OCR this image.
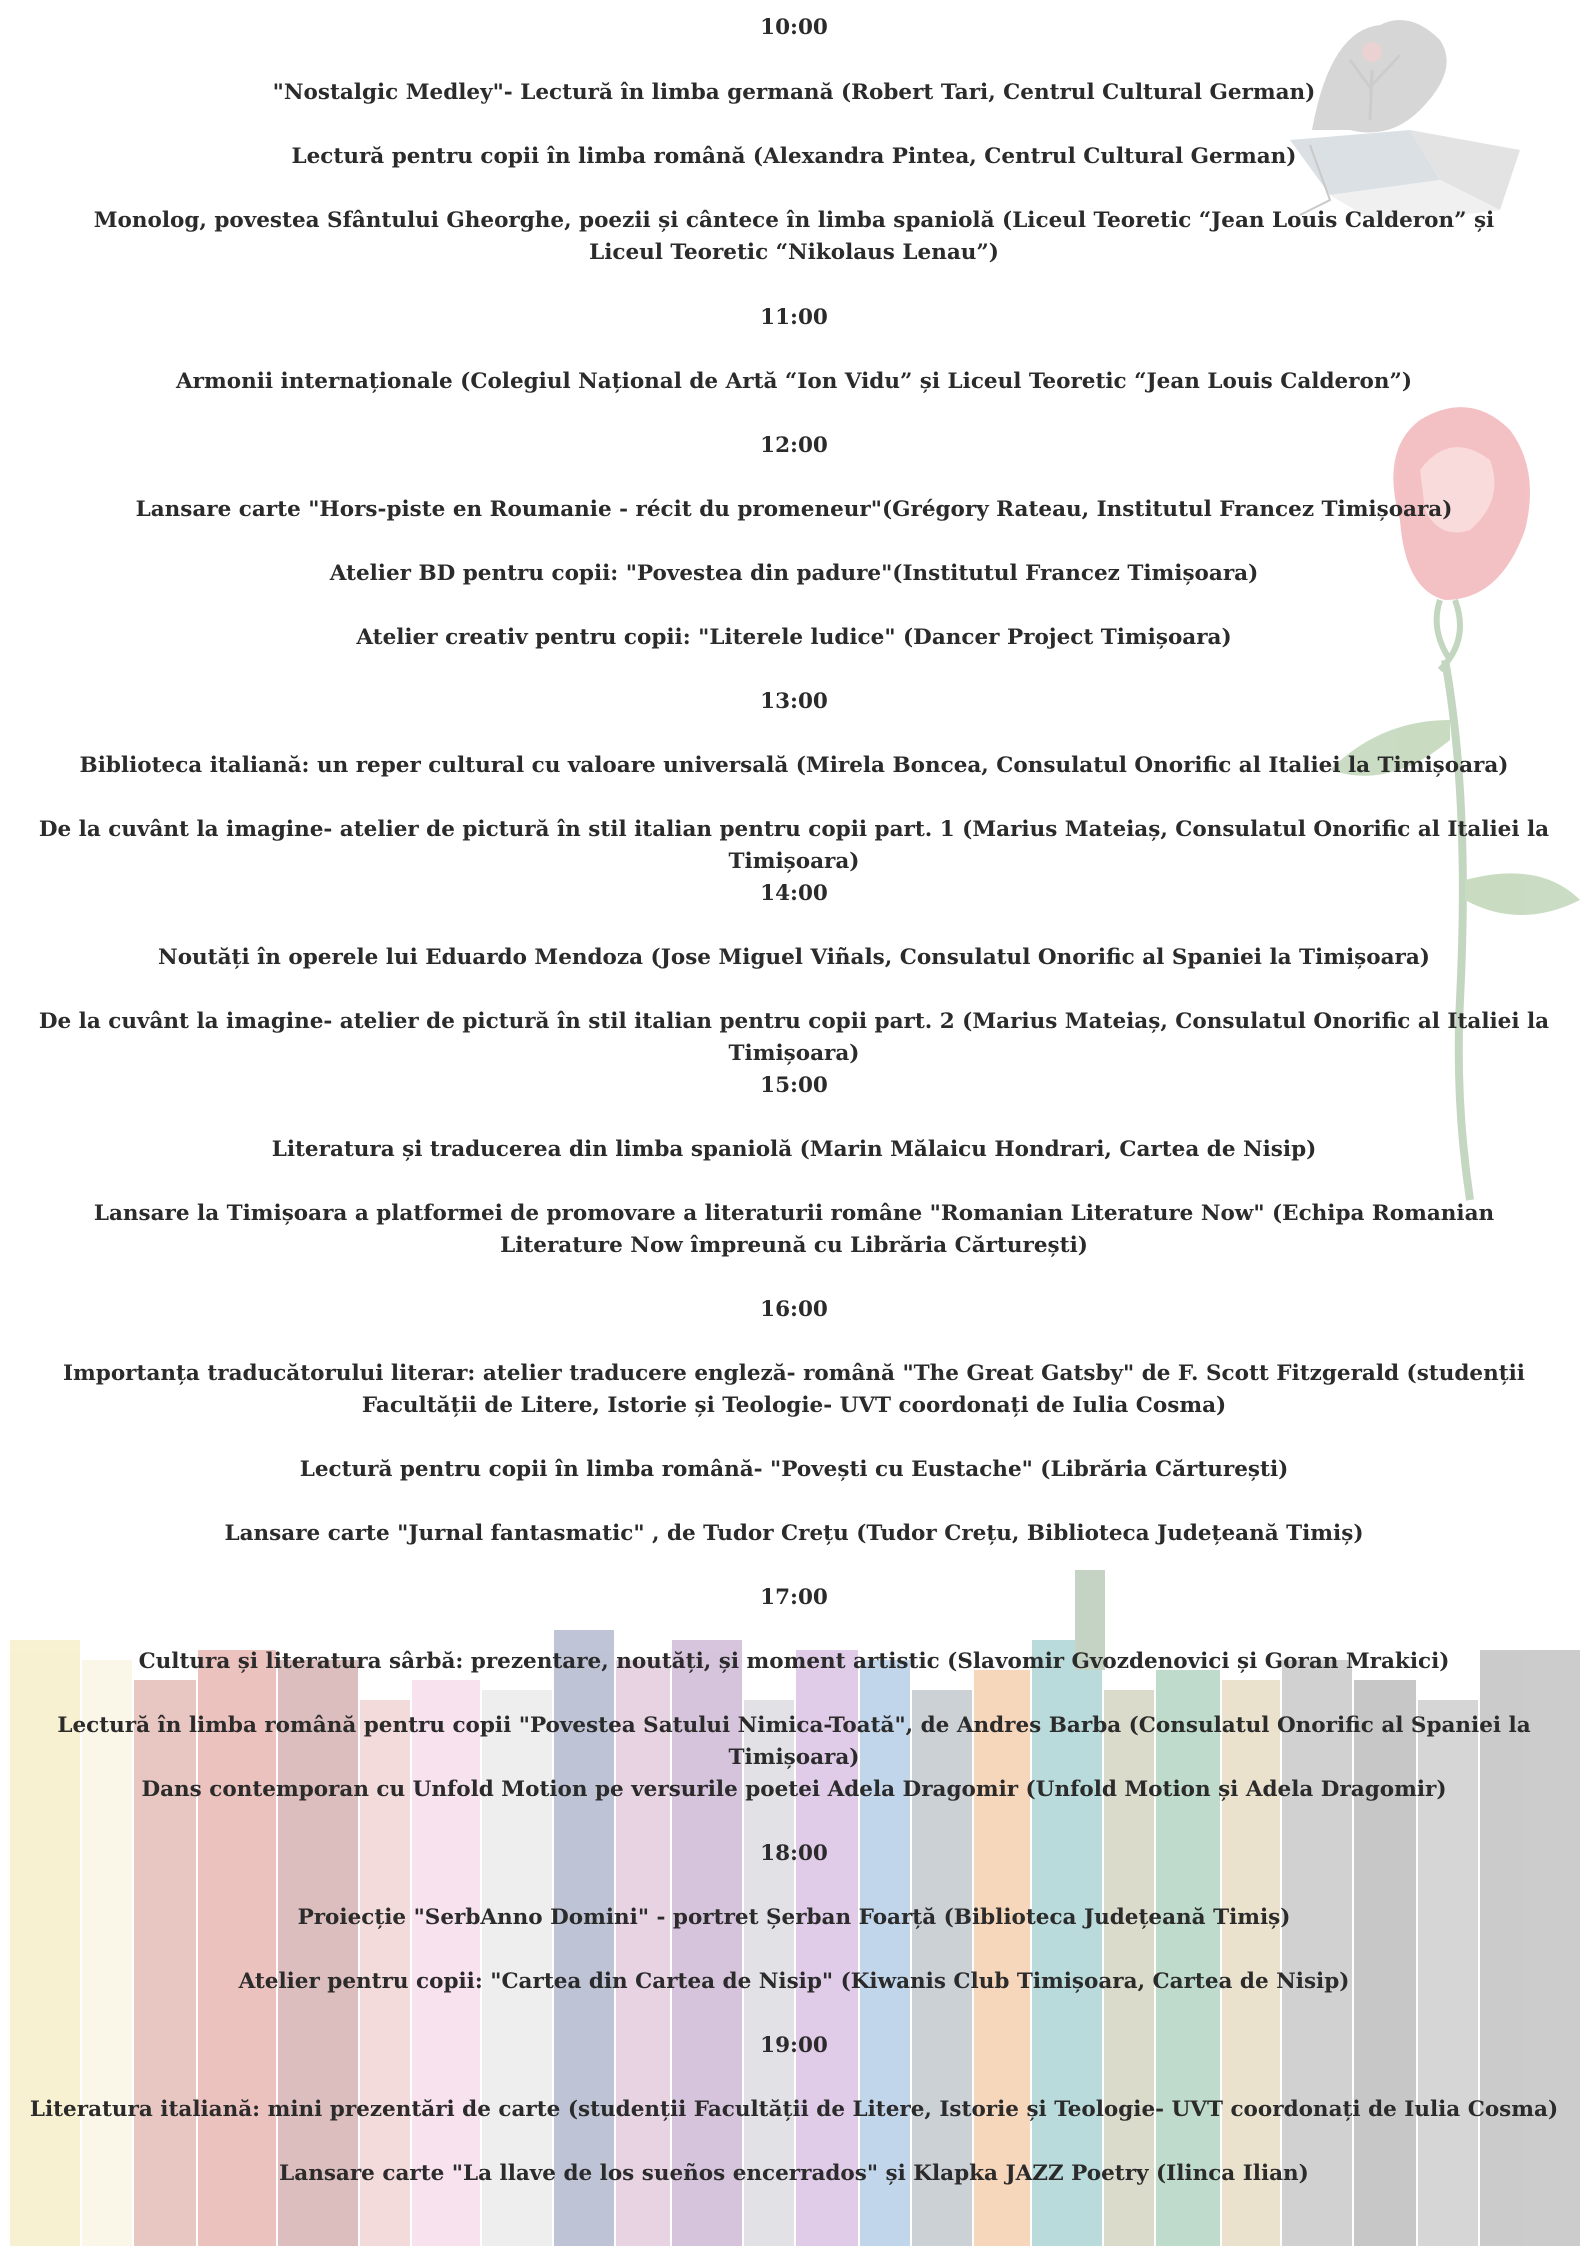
10:00
"Nostalgic Medley"- Lectură în limba germană (Robert Tari, Centrul Cultural German)
Lectură pentru copii în limba română (Alexandra Pintea, Centrul Cultural German)
Monolog, povestea Sfântului Gheorghe, poezii și cântece în limba spaniolă (Liceul Teoretic “Jean Louis Calderon” și Liceul Teoretic “Nikolaus Lenau”)
11:00
Armonii internaționale (Colegiul Național de Artă “Ion Vidu” și Liceul Teoretic “Jean Louis Calderon”)
12:00
Lansare carte "Hors-piste en Roumanie - récit du promeneur"(Grégory Rateau, Institutul Francez Timișoara)
Atelier BD pentru copii: "Povestea din padure"(Institutul Francez Timișoara)
Atelier creativ pentru copii: "Literele ludice" (Dancer Project Timișoara)
13:00
Biblioteca italiană: un reper cultural cu valoare universală (Mirela Boncea, Consulatul Onorific al Italiei la Timișoara)
De la cuvânt la imagine- atelier de pictură în stil italian pentru copii part. 1 (Marius Mateiaș, Consulatul Onorific al Italiei la Timișoara)
14:00
Noutăți în operele lui Eduardo Mendoza (Jose Miguel Viñals, Consulatul Onorific al Spaniei la Timișoara)
De la cuvânt la imagine- atelier de pictură în stil italian pentru copii part. 2 (Marius Mateiaș, Consulatul Onorific al Italiei la Timișoara)
15:00
Literatura și traducerea din limba spaniolă (Marin Mălaicu Hondrari, Cartea de Nisip)
Lansare la Timișoara a platformei de promovare a literaturii române "Romanian Literature Now" (Echipa Romanian Literature Now împreună cu Librăria Cărturești)
16:00
Importanța traducătorului literar: atelier traducere engleză- română "The Great Gatsby" de F. Scott Fitzgerald (studenții Facultății de Litere, Istorie și Teologie- UVT coordonați de Iulia Cosma)
Lectură pentru copii în limba română- "Povești cu Eustache" (Librăria Cărturești)
Lansare carte "Jurnal fantasmatic" , de Tudor Crețu (Tudor Crețu, Biblioteca Județeană Timiș)
17:00
Cultura și literatura sârbă: prezentare, noutăți, și moment artistic (Slavomir Gvozdenovici și Goran Mrakici)
Lectură în limba română pentru copii "Povestea Satului Nimica-Toată", de Andres Barba (Consulatul Onorific al Spaniei la Timișoara)
Dans contemporan cu Unfold Motion pe versurile poetei Adela Dragomir (Unfold Motion și Adela Dragomir)
18:00
Proiecție "SerbAnno Domini" - portret Șerban Foarță (Biblioteca Județeană Timiș)
Atelier pentru copii: "Cartea din Cartea de Nisip" (Kiwanis Club Timișoara, Cartea de Nisip)
19:00
Literatura italiană: mini prezentări de carte (studenții Facultății de Litere, Istorie și Teologie- UVT coordonați de Iulia Cosma)
Lansare carte "La llave de los sueños encerrados" și Klapka JAZZ Poetry (Ilinca Ilian)
